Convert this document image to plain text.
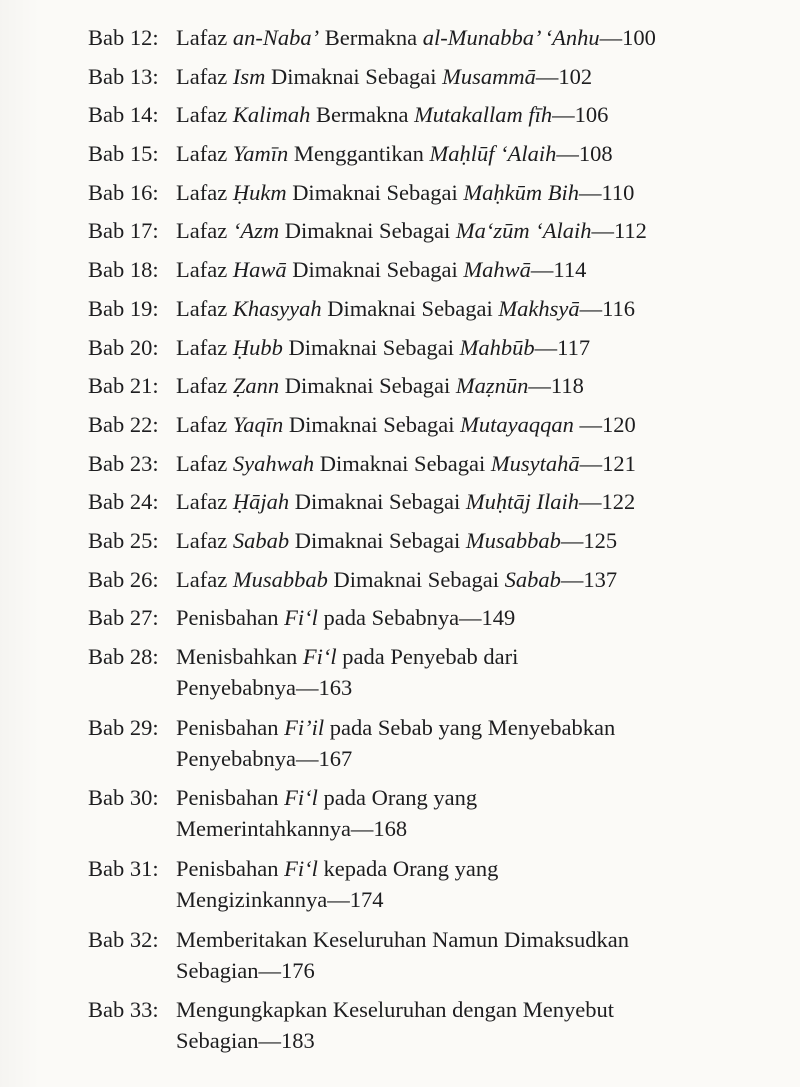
Bab 12: Lafaz an-Naba’ Bermakna al-Munabba’ ‘Anhu—100
Bab 13: Lafaz Ism Dimaknai Sebagai Musammā—102
Bab 14: Lafaz Kalimah Bermakna Mutakallam fīh—106
Bab 15: Lafaz Yamīn Menggantikan Maḥlūf ‘Alaih—108
Bab 16: Lafaz Ḥukm Dimaknai Sebagai Maḥkūm Bih—110
Bab 17: Lafaz ‘Azm Dimaknai Sebagai Ma‘zūm ‘Alaih—112
Bab 18: Lafaz Hawā Dimaknai Sebagai Mahwā—114
Bab 19: Lafaz Khasyyah Dimaknai Sebagai Makhsyā—116
Bab 20: Lafaz Ḥubb Dimaknai Sebagai Mahbūb—117
Bab 21: Lafaz Ẓann Dimaknai Sebagai Maẓnūn—118
Bab 22: Lafaz Yaqīn Dimaknai Sebagai Mutayaqqan —120
Bab 23: Lafaz Syahwah Dimaknai Sebagai Musytahā—121
Bab 24: Lafaz Ḥājah Dimaknai Sebagai Muḥtāj Ilaih—122
Bab 25: Lafaz Sabab Dimaknai Sebagai Musabbab—125
Bab 26: Lafaz Musabbab Dimaknai Sebagai Sabab—137
Bab 27: Penisbahan Fi‘l pada Sebabnya—149
Bab 28: Menisbahkan Fi‘l pada Penyebab dari
Penyebabnya—163
Bab 29: Penisbahan Fi’il pada Sebab yang Menyebabkan
Penyebabnya—167
Bab 30: Penisbahan Fi‘l pada Orang yang
Memerintahkannya—168
Bab 31: Penisbahan Fi‘l kepada Orang yang
Mengizinkannya—174
Bab 32: Memberitakan Keseluruhan Namun Dimaksudkan
Sebagian—176
Bab 33: Mengungkapkan Keseluruhan dengan Menyebut
Sebagian—183
